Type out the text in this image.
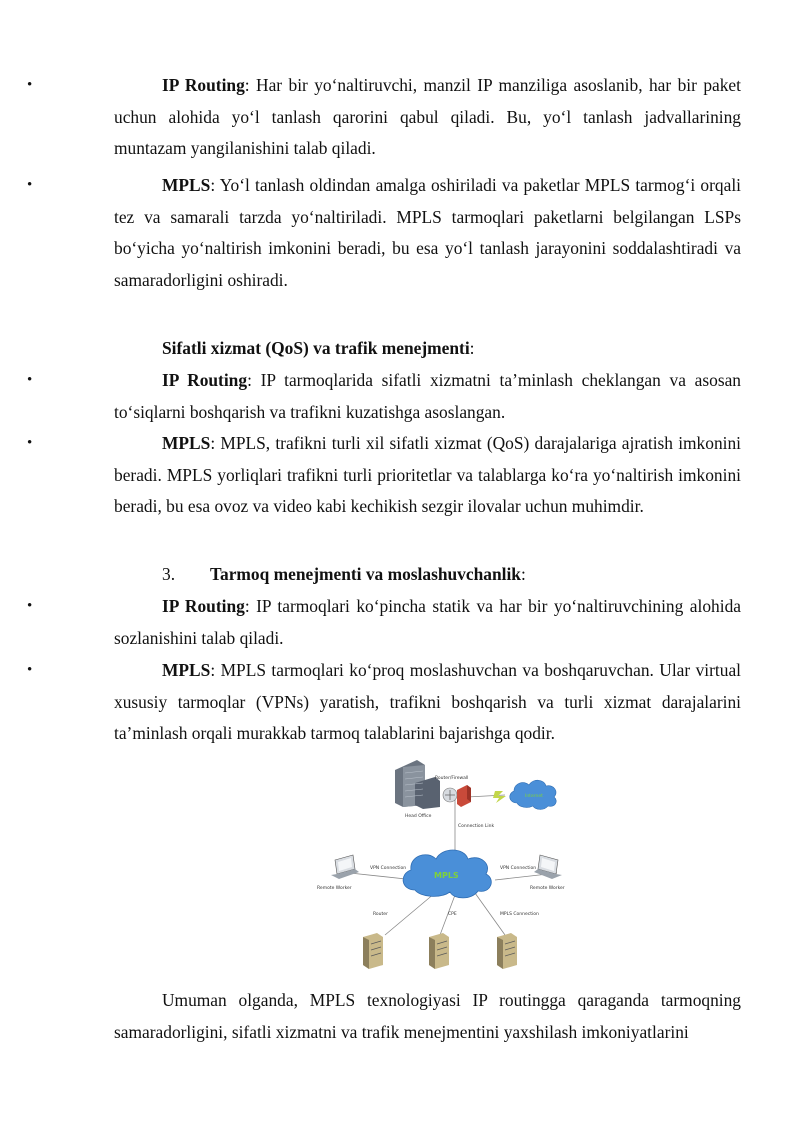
•	IP Routing: Har bir yo‘naltiruvchi, manzil IP manziliga asoslanib, har bir paket uchun alohida yo‘l tanlash qarorini qabul qiladi. Bu, yo‘l tanlash jadvallarining muntazam yangilanishini talab qiladi.
•	MPLS: Yo‘l tanlash oldindan amalga oshiriladi va paketlar MPLS tarmog‘i orqali tez va samarali tarzda yo‘naltiriladi. MPLS tarmoqlari paketlarni belgilangan LSPs bo‘yicha yo‘naltirish imkonini beradi, bu esa yo‘l tanlash jarayonini soddalashtiradi va samaradorligini oshiradi.

Sifatli xizmat (QoS) va trafik menejmenti:

•	IP Routing: IP tarmoqlarida sifatli xizmatni ta’minlash cheklangan va asosan to‘siqlarni boshqarish va trafikni kuzatishga asoslangan.
•	MPLS: MPLS, trafikni turli xil sifatli xizmat (QoS) darajalariga ajratish imkonini beradi. MPLS yorliqlari trafikni turli prioritetlar va talablarga ko‘ra yo‘naltirish imkonini beradi, bu esa ovoz va video kabi kechikish sezgir ilovalar uchun muhimdir.

3. Tarmoq menejmenti va moslashuvchanlik:

•	IP Routing: IP tarmoqlari ko‘pincha statik va har bir yo‘naltiruvchining alohida sozlanishini talab qiladi.
•	MPLS: MPLS tarmoqlari ko‘proq moslashuvchan va boshqaruvchan. Ular virtual xususiy tarmoqlar (VPNs) yaratish, trafikni boshqarish va turli xizmat darajalarini ta’minlash orqali murakkab tarmoq talablarini bajarishga qodir.
Head Office
Router/Firewall
Internet
Connection Link
MPLS
Remote Worker
VPN Connection
Remote Worker
VPN Connection
Router	CPE	MPLS Connection
Umuman olganda, MPLS texnologiyasi IP routingga qaraganda tarmoqning samaradorligini, sifatli xizmatni va trafik menejmentini yaxshilash imkoniyatlarini
